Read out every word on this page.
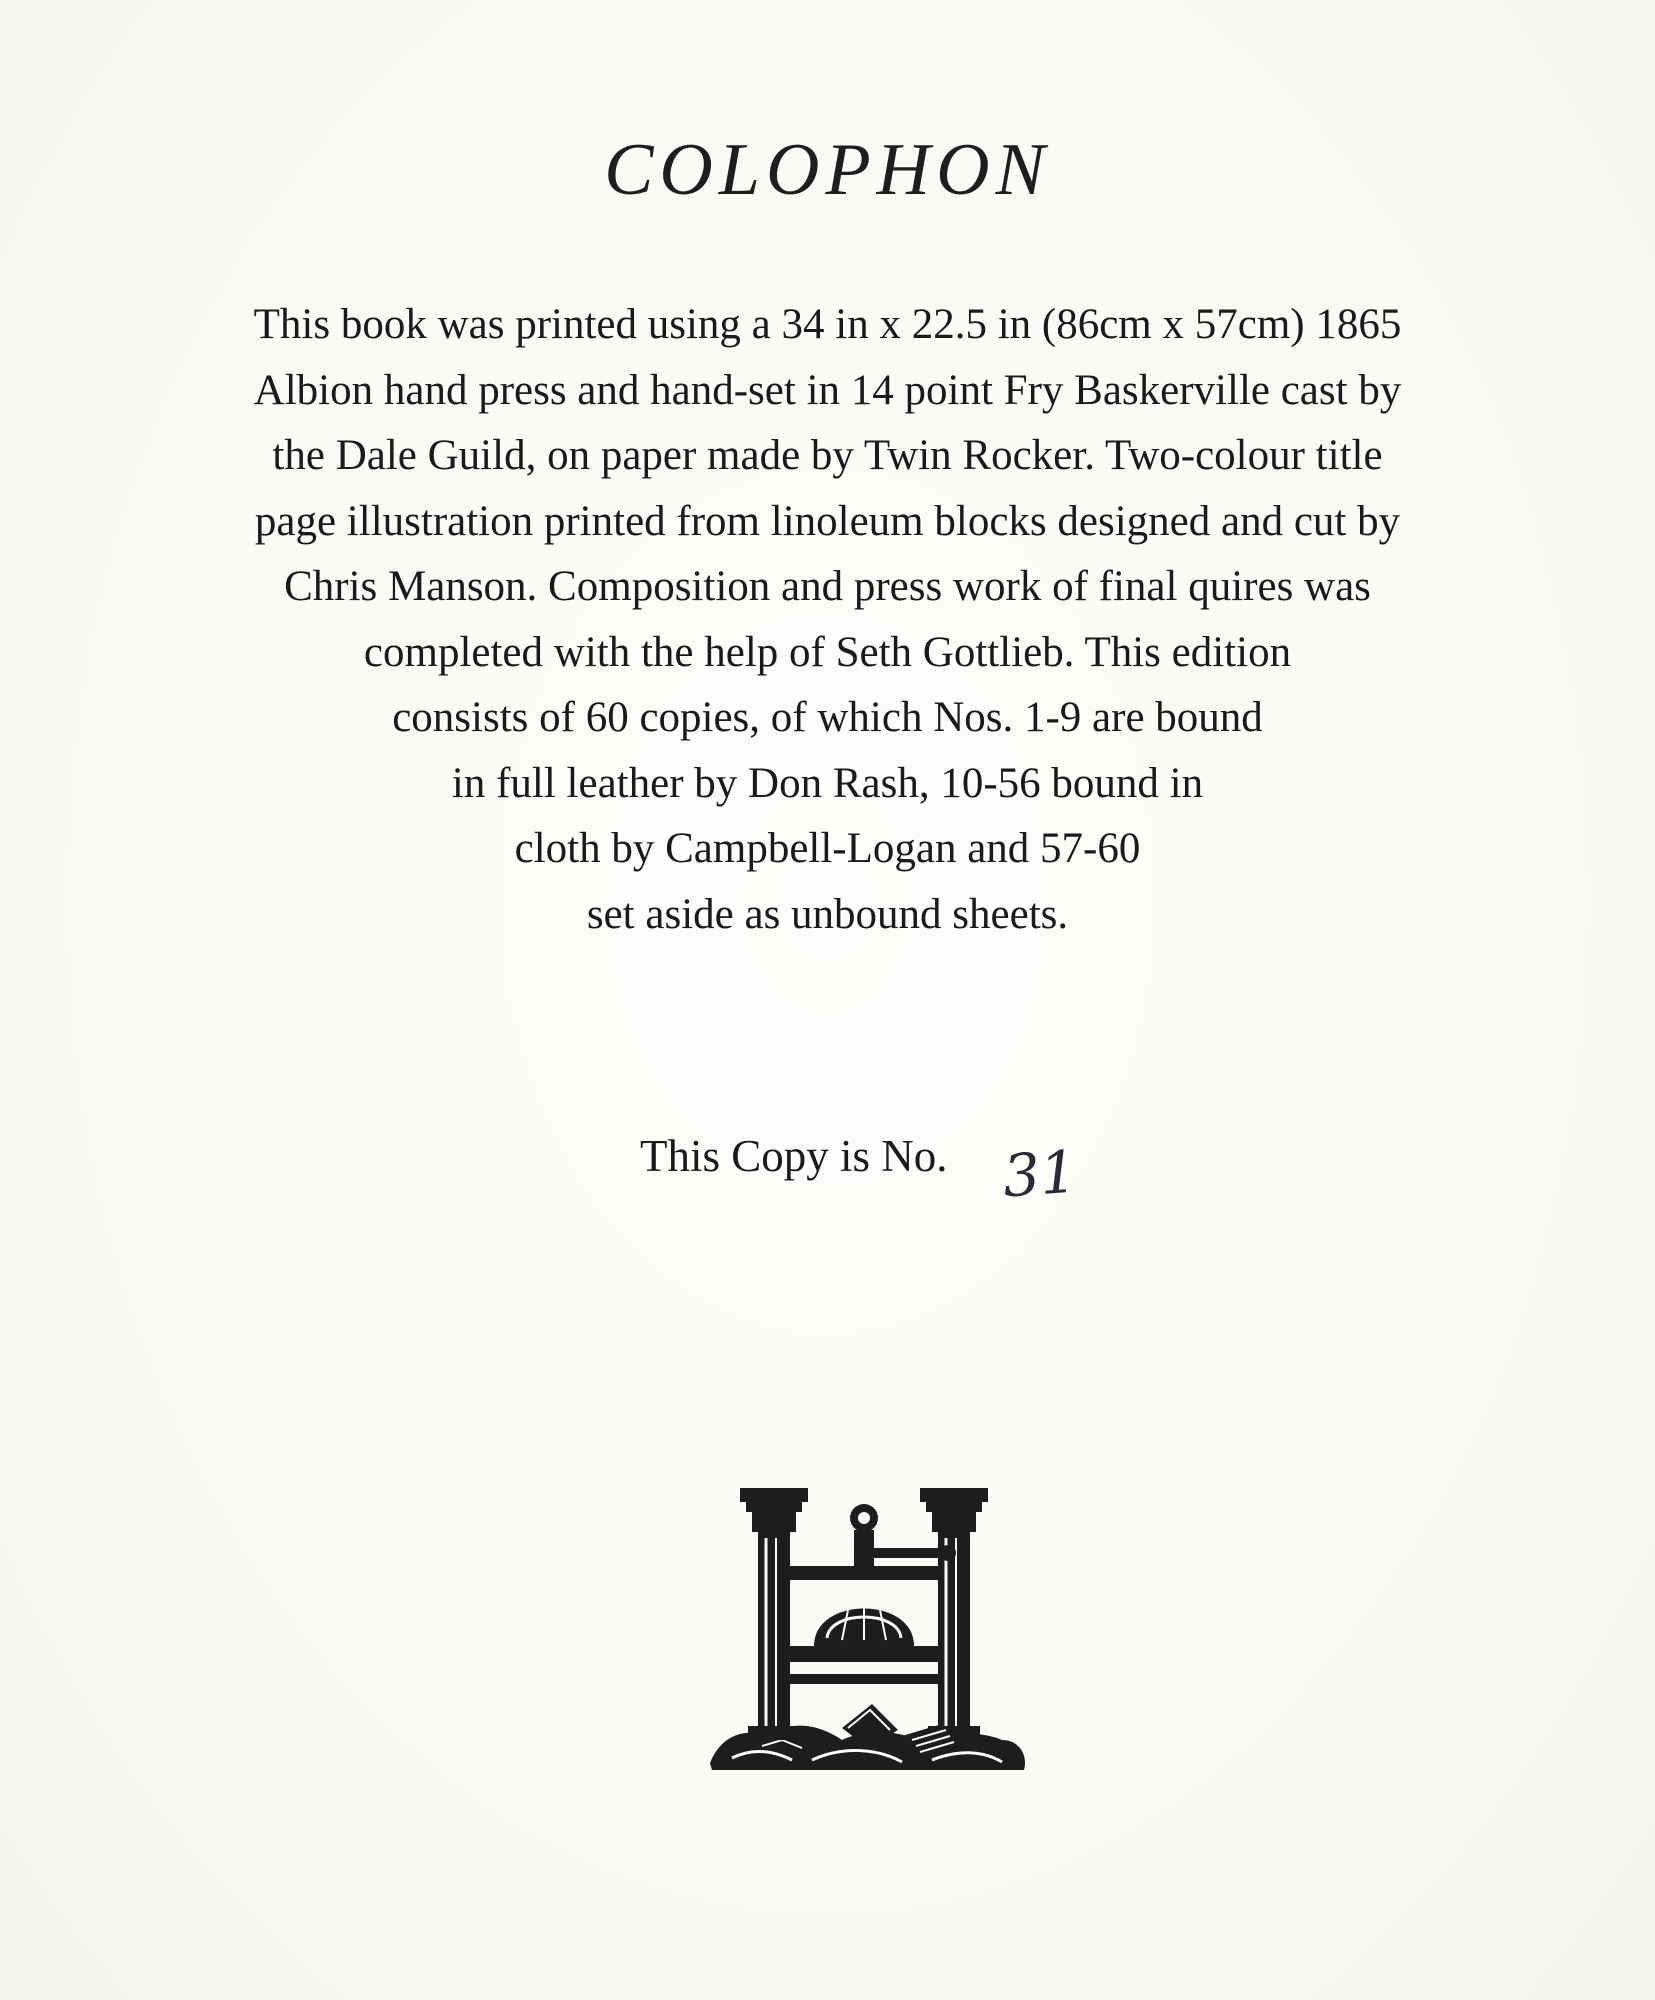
COLOPHON
This book was printed using a 34 in x 22.5 in (86cm x 57cm) 1865
Albion hand press and hand-set in 14 point Fry Baskerville cast by
the Dale Guild, on paper made by Twin Rocker. Two-colour title
page illustration printed from linoleum blocks designed and cut by
Chris Manson. Composition and press work of final quires was
completed with the help of Seth Gottlieb. This edition
consists of 60 copies, of which Nos. 1-9 are bound
in full leather by Don Rash, 10-56 bound in
cloth by Campbell-Logan and 57-60
set aside as unbound sheets.
This Copy is No. 31
